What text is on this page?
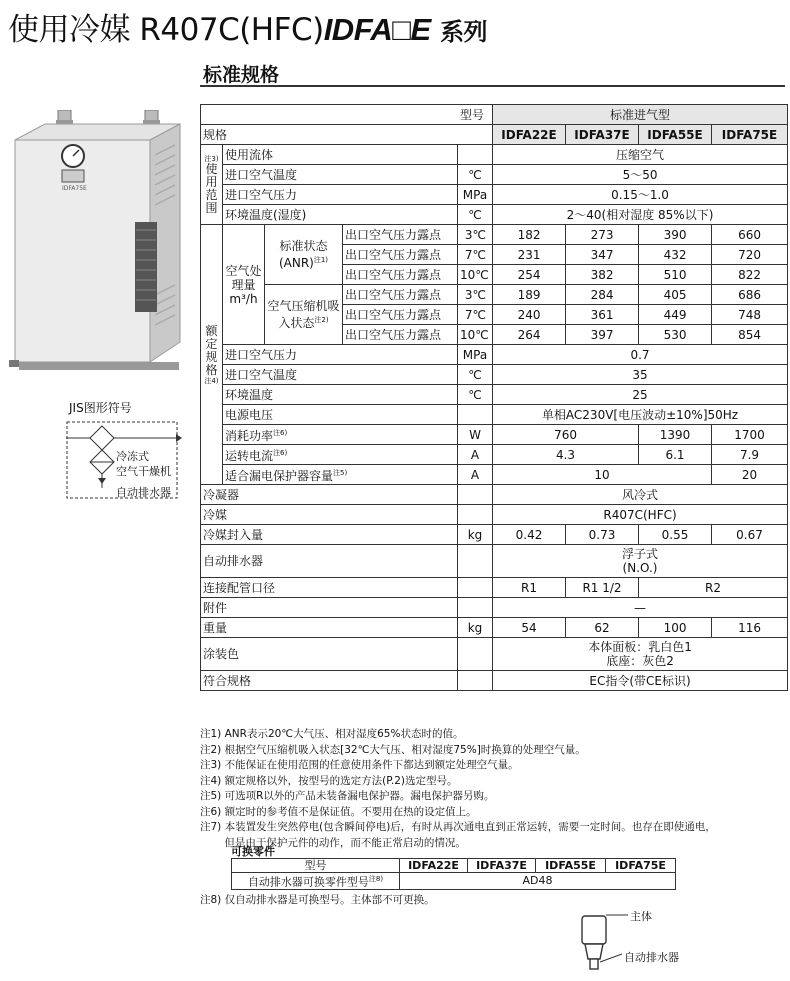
使用冷媒 R407C(HFC)IDFA□E 系列
标准规格
IDFA75E
JIS图形符号
冷冻式
空气干燥机
自动排水器
型号					标准进气型			
规格					IDFA22E	IDFA37E	IDFA55E	IDFA75E

注3)
使用范围	使用流体				压缩空气			
	进口空气温度			℃	5～50			
	进口空气压力			MPa	0.15～1.0			
	环境温度(湿度)			℃	2～40(相对湿度 85%以下)			
额定规格
注4)	空气处理量
m³/h	标准状态(ANR)$^{注1)}$	出口空气压力露点	3℃	182	273	390	660
			出口空气压力露点	7℃	231	347	432	720
			出口空气压力露点	10℃	254	382	510	822
		空气压缩机吸入状态$^{注2)}$	出口空气压力露点	3℃	189	284	405	686
			出口空气压力露点	7℃	240	361	449	748
			出口空气压力露点	10℃	264	397	530	854
	进口空气压力			MPa	0.7			
	进口空气温度			℃	35			
	环境温度			℃	25			
	电源电压				单相AC230V[电压波动±10%]50Hz			
	消耗功率$^{注6)}$			W	760		1390	1700
	运转电流$^{注6)}$			A	4.3		6.1	7.9
	适合漏电保护器容量$^{注5)}$			A	10			20
冷凝器					风冷式			
冷媒					R407C(HFC)			
冷媒封入量				kg	0.42	0.73	0.55	0.67
自动排水器					浮子式
(N.O.)			
连接配管口径					R1	R1 1/2	R2	
附件					—			
重量				kg	54	62	100	116
涂装色					本体面板：乳白色1
底座：灰色2			
符合规格					EC指令(带CE标识)			
注1) ANR表示20℃大气压、相对湿度65%状态时的值。
注2) 根据空气压缩机吸入状态[32℃大气压、相对湿度75%]时换算的处理空气量。
注3) 不能保证在使用范围的任意使用条件下都达到额定处理空气量。
注4) 额定规格以外，按型号的选定方法(P.2)选定型号。
注5) 可选项R以外的产品未装备漏电保护器。漏电保护器另购。
注6) 额定时的参考值不是保证值。不要用在热的设定值上。
注7) 本装置发生突然停电(包含瞬间停电)后，有时从再次通电直到正常运转，需要一定时间。也存在即使通电，
　　 但是由于保护元件的动作，而不能正常启动的情况。
可换零件
型号	IDFA22E	IDFA37E	IDFA55E	IDFA75E
自动排水器可换零件型号$^{注8)}$	AD48			
注8) 仅自动排水器是可换型号。主体部不可更换。
主体
自动排水器
